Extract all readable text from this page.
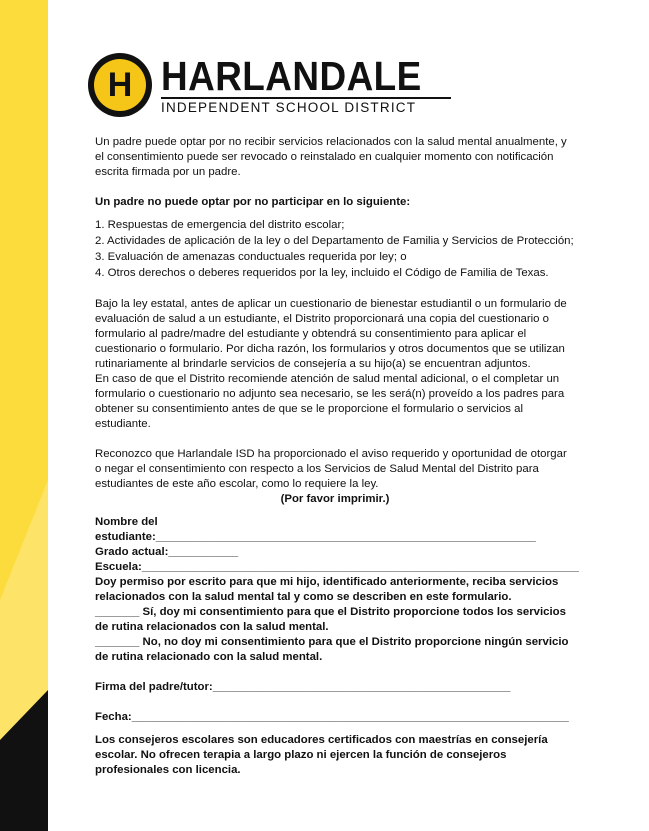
H HARLANDALE
INDEPENDENT SCHOOL DISTRICT

Un padre puede optar por no recibir servicios relacionados con la salud mental anualmente, y el consentimiento puede ser revocado o reinstalado en cualquier momento con notificación escrita firmada por un padre.

Un padre no puede optar por no participar en lo siguiente:

1. Respuestas de emergencia del distrito escolar;
2. Actividades de aplicación de la ley o del Departamento de Familia y Servicios de Protección;
3. Evaluación de amenazas conductuales requerida por ley; o
4. Otros derechos o deberes requeridos por la ley, incluido el Código de Familia de Texas.

Bajo la ley estatal, antes de aplicar un cuestionario de bienestar estudiantil o un formulario de evaluación de salud a un estudiante, el Distrito proporcionará una copia del cuestionario o formulario al padre/madre del estudiante y obtendrá su consentimiento para aplicar el cuestionario o formulario. Por dicha razón, los formularios y otros documentos que se utilizan rutinariamente al brindarle servicios de consejería a su hijo(a) se encuentran adjuntos.

En caso de que el Distrito recomiende atención de salud mental adicional, o el completar un formulario o cuestionario no adjunto sea necesario, se les será(n) proveído a los padres para obtener su consentimiento antes de que se le proporcione el formulario o servicios al estudiante.

Reconozco que Harlandale ISD ha proporcionado el aviso requerido y oportunidad de otorgar o negar el consentimiento con respecto a los Servicios de Salud Mental del Distrito para estudiantes de este año escolar, como lo requiere la ley.

(Por favor imprimir.)

Nombre del estudiante:____________________________________________________________

Grado actual:___________

Escuela:_____________________________________________________________________

Doy permiso por escrito para que mi hijo, identificado anteriormente, reciba servicios relacionados con la salud mental tal y como se describen en este formulario.

_______ Sí, doy mi consentimiento para que el Distrito proporcione todos los servicios de rutina relacionados con la salud mental.

_______ No, no doy mi consentimiento para que el Distrito proporcione ningún servicio de rutina relacionado con la salud mental.

Firma del padre/tutor:_______________________________________________

Fecha:_____________________________________________________________________

Los consejeros escolares son educadores certificados con maestrías en consejería escolar. No ofrecen terapia a largo plazo ni ejercen la función de consejeros profesionales con licencia.
